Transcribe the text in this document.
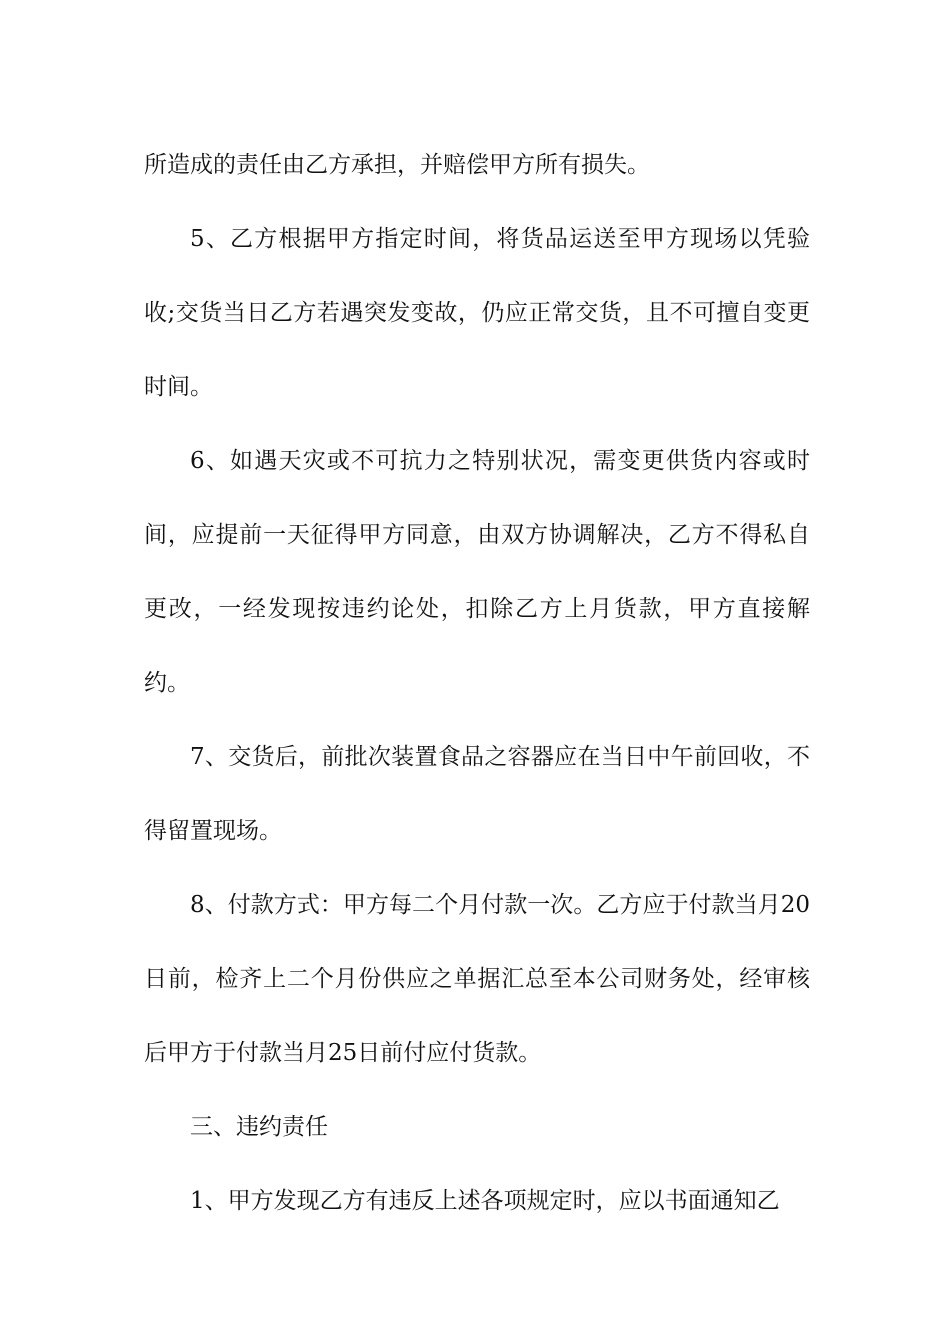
所造成的责任由乙方承担，并赔偿甲方所有损失。

5、乙方根据甲方指定时间，将货品运送至甲方现场以凭验收;交货当日乙方若遇突发变故，仍应正常交货，且不可擅自变更时间。

6、如遇天灾或不可抗力之特别状况，需变更供货内容或时间，应提前一天征得甲方同意，由双方协调解决，乙方不得私自更改，一经发现按违约论处，扣除乙方上月货款，甲方直接解约。

7、交货后，前批次装置食品之容器应在当日中午前回收，不得留置现场。

8、付款方式：甲方每二个月付款一次。乙方应于付款当月20日前，检齐上二个月份供应之单据汇总至本公司财务处，经审核后甲方于付款当月25日前付应付货款。

三、违约责任

1、甲方发现乙方有违反上述各项规定时，应以书面通知乙
